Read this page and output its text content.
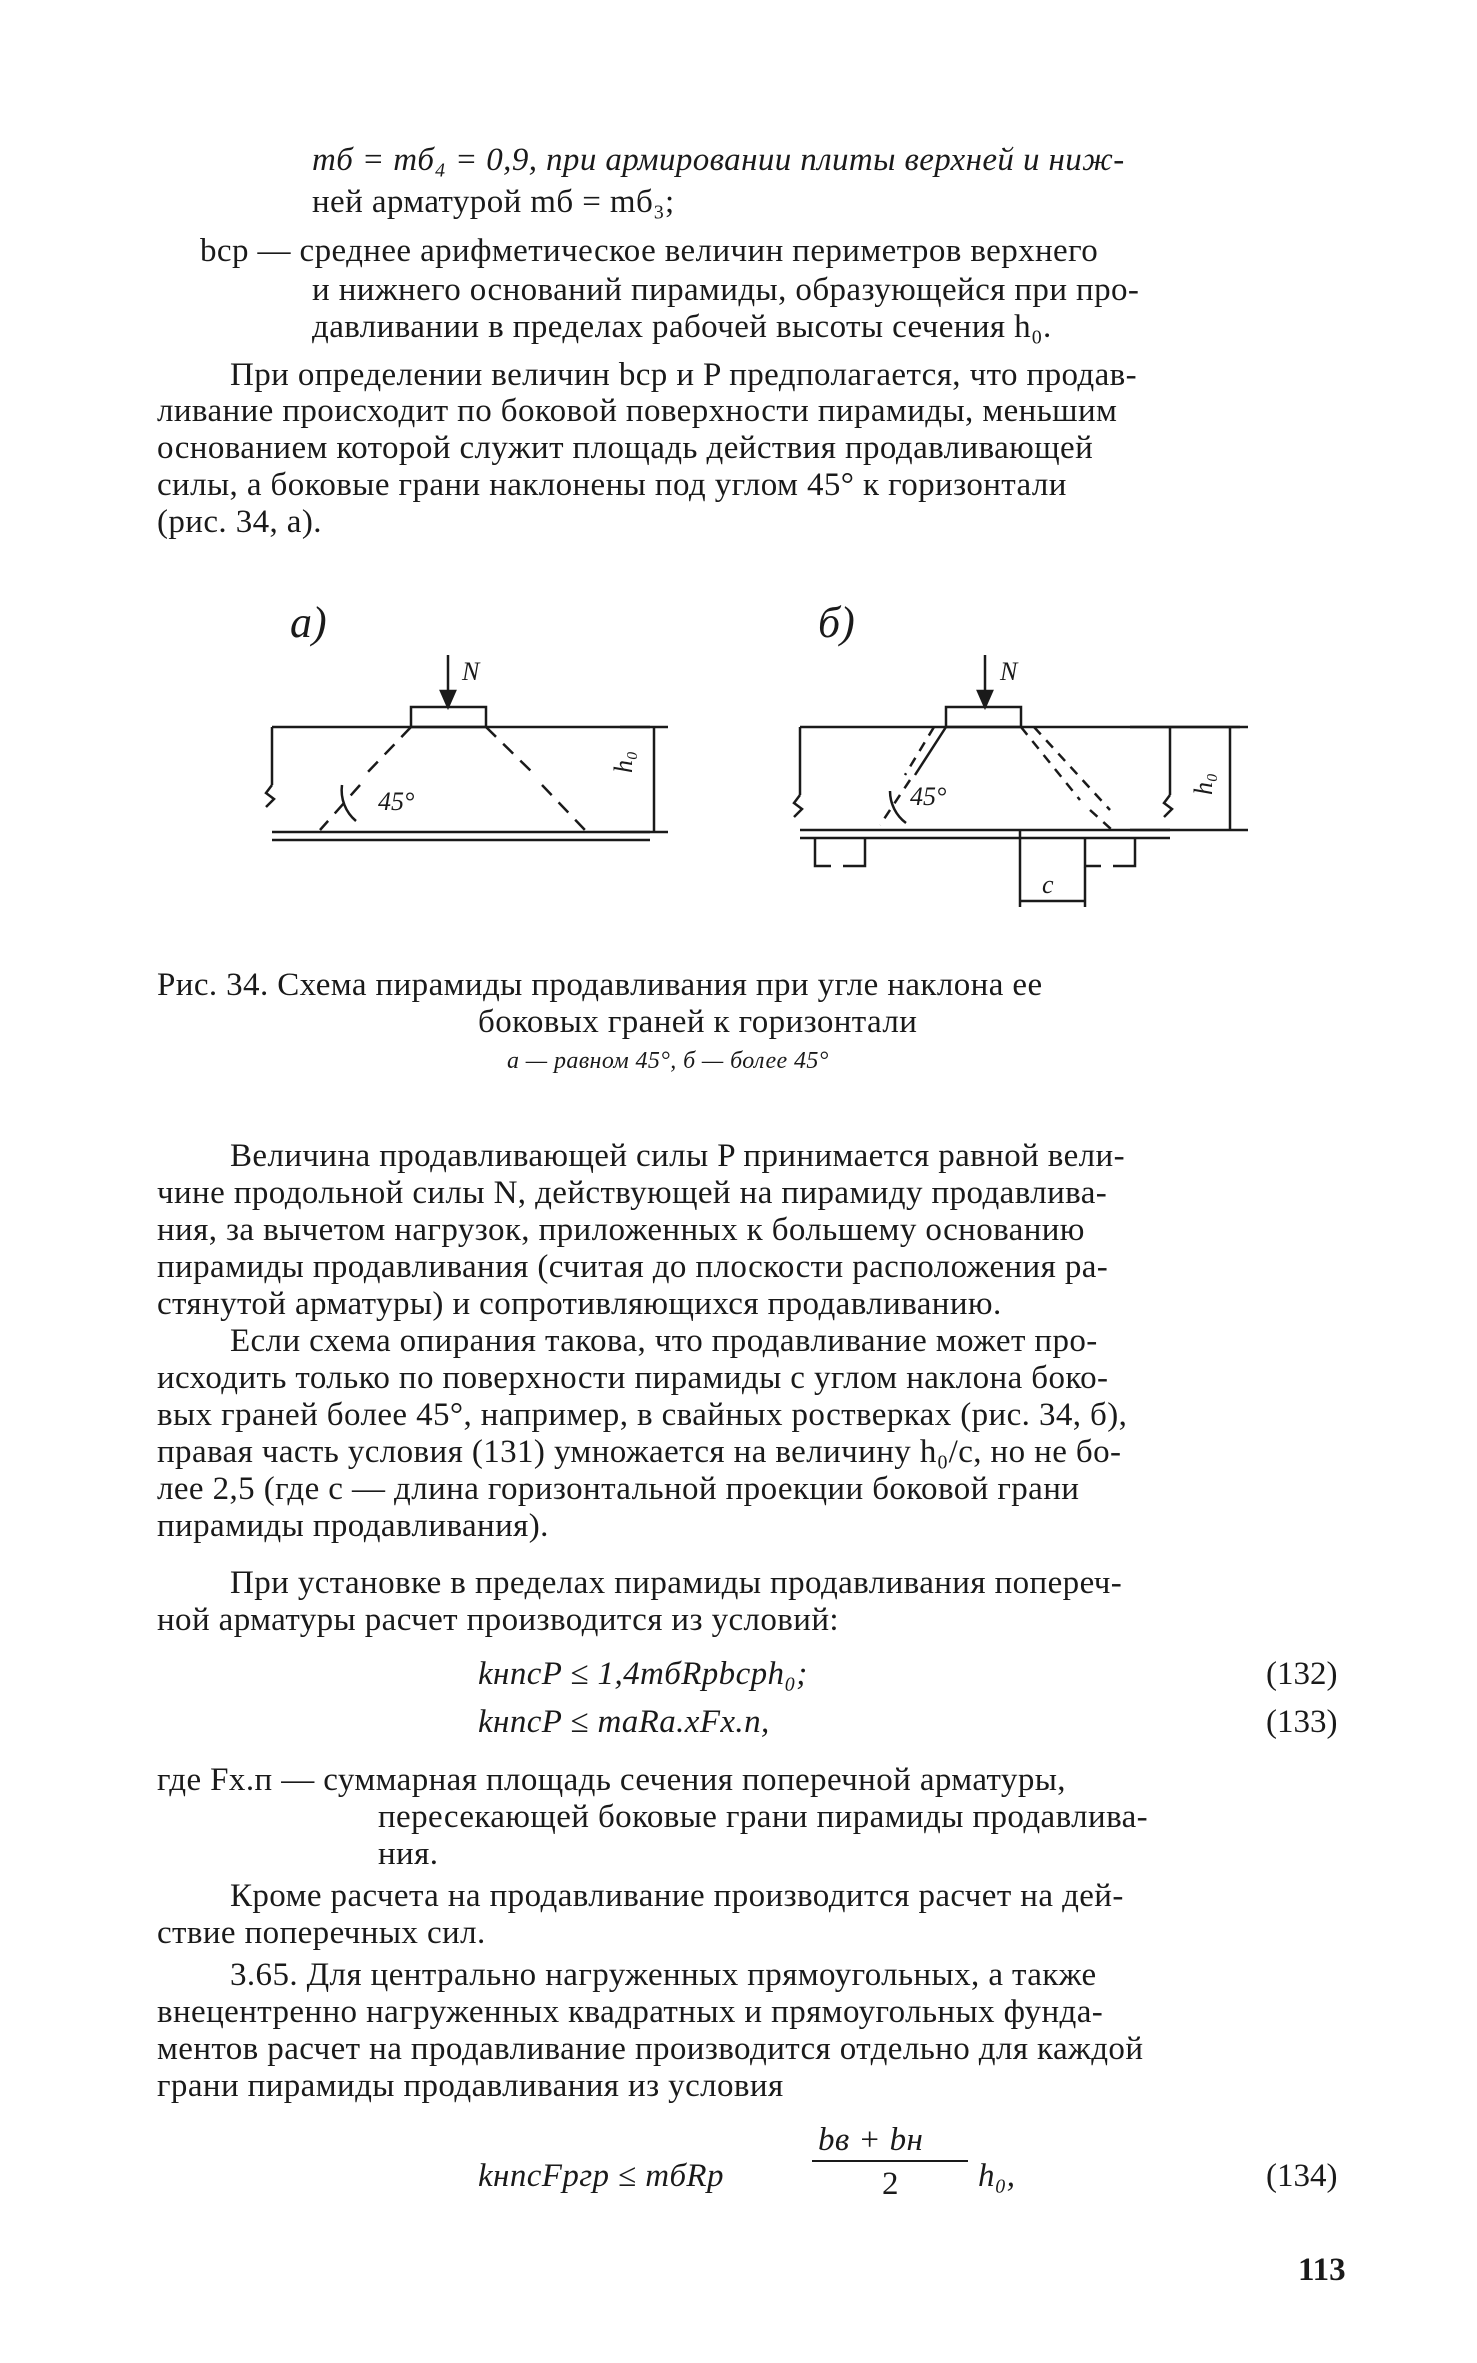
mб = mб₄ = 0,9, при армировании плиты верхней и ниж-
ней арматурой mб = mб₃;
bср — среднее арифметическое величин периметров верхнего
и нижнего оснований пирамиды, образующейся при про-
давливании в пределах рабочей высоты сечения h₀.
При определении величин bср и P предполагается, что продав-
ливание происходит по боковой поверхности пирамиды, меньшим
основанием которой служит площадь действия продавливающей
силы, а боковые грани наклонены под углом 45° к горизонтали
(рис. 34, а).
а)
N
45°
h₀
б)
N
45°	h₀
c
Рис. 34. Схема пирамиды продавливания при угле наклона ее
боковых граней к горизонтали
а — равном 45°, б — более 45°
Величина продавливающей силы P принимается равной вели-
чине продольной силы N, действующей на пирамиду продавлива-
ния, за вычетом нагрузок, приложенных к большему основанию
пирамиды продавливания (считая до плоскости расположения ра-
стянутой арматуры) и сопротивляющихся продавливанию.
Если схема опирания такова, что продавливание может про-
исходить только по поверхности пирамиды с углом наклона боко-
вых граней более 45°, например, в свайных ростверках (рис. 34, б),
правая часть условия (131) умножается на величину h₀/c, но не бо-
лее 2,5 (где c — длина горизонтальной проекции боковой грани
пирамиды продавливания).
При установке в пределах пирамиды продавливания попереч-
ной арматуры расчет производится из условий:
kнnсP ≤ 1,4mбRpbсрh₀;	(132)
kнnсP ≤ maRа.хFх.п,	(133)
где Fх.п — суммарная площадь сечения поперечной арматуры,
пересекающей боковые грани пирамиды продавлива-
ния.
Кроме расчета на продавливание производится расчет на дей-
ствие поперечных сил.
3.65. Для центрально нагруженных прямоугольных, а также
внецентренно нагруженных квадратных и прямоугольных фунда-
ментов расчет на продавливание производится отдельно для каждой
грани пирамиды продавливания из условия
kнnсFpгр ≤ mбRp
bв + bн
2 h₀,	(134)
113
